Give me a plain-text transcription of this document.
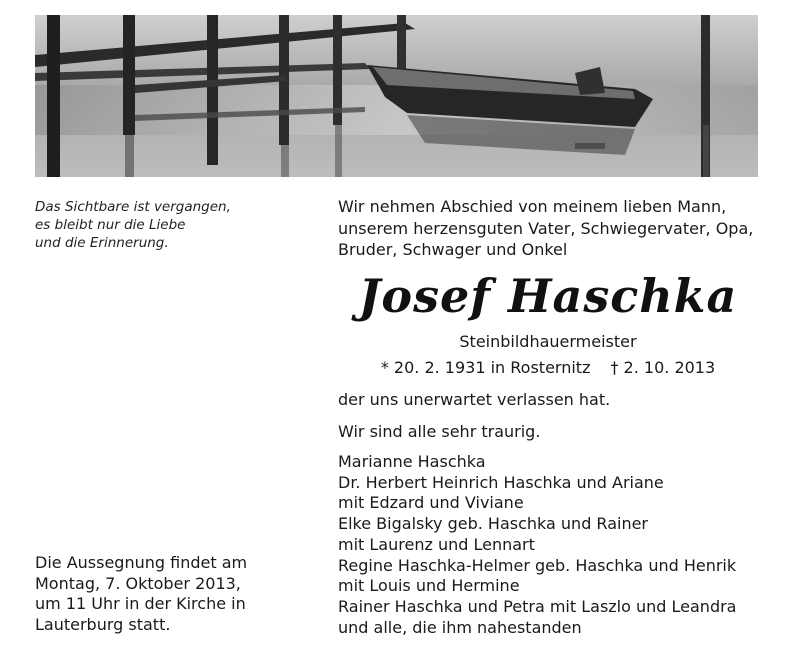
Das Sichtbare ist vergangen,
es bleibt nur die Liebe
und die Erinnerung.
Wir nehmen Abschied von meinem lieben Mann,
unserem herzensguten Vater, Schwiegervater, Opa,
Bruder, Schwager und Onkel
Josef Haschka
Steinbildhauermeister
* 20. 2. 1931 in Rosternitz † 2. 10. 2013
der uns unerwartet verlassen hat.
Wir sind alle sehr traurig.
Marianne Haschka
Dr. Herbert Heinrich Haschka und Ariane
mit Edzard und Viviane
Elke Bigalsky geb. Haschka und Rainer
mit Laurenz und Lennart
Regine Haschka-Helmer geb. Haschka und Henrik
mit Louis und Hermine
Rainer Haschka und Petra mit Laszlo und Leandra
und alle, die ihm nahestanden
Die Aussegnung findet am
Montag, 7. Oktober 2013,
um 11 Uhr in der Kirche in
Lauterburg statt.
